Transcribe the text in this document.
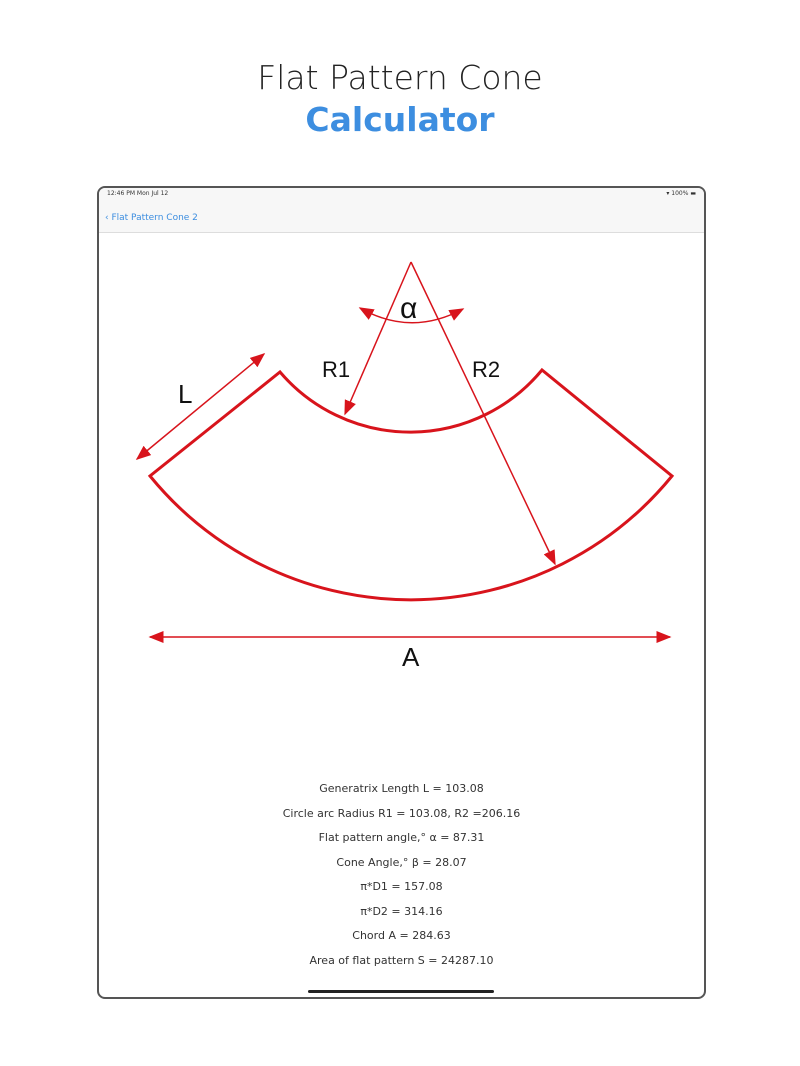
Flat Pattern Cone
Calculator
12:46 PM Mon Jul 12	▾ 100% ▬
‹ Flat Pattern Cone 2
α
R1	R2
L
A
Generatrix Length L = 103.08
Circle arc Radius R1 = 103.08, R2 =206.16
Flat pattern angle,° α = 87.31
Cone Angle,° β = 28.07
π*D1 = 157.08
π*D2 = 314.16
Chord A = 284.63
Area of flat pattern S = 24287.10
